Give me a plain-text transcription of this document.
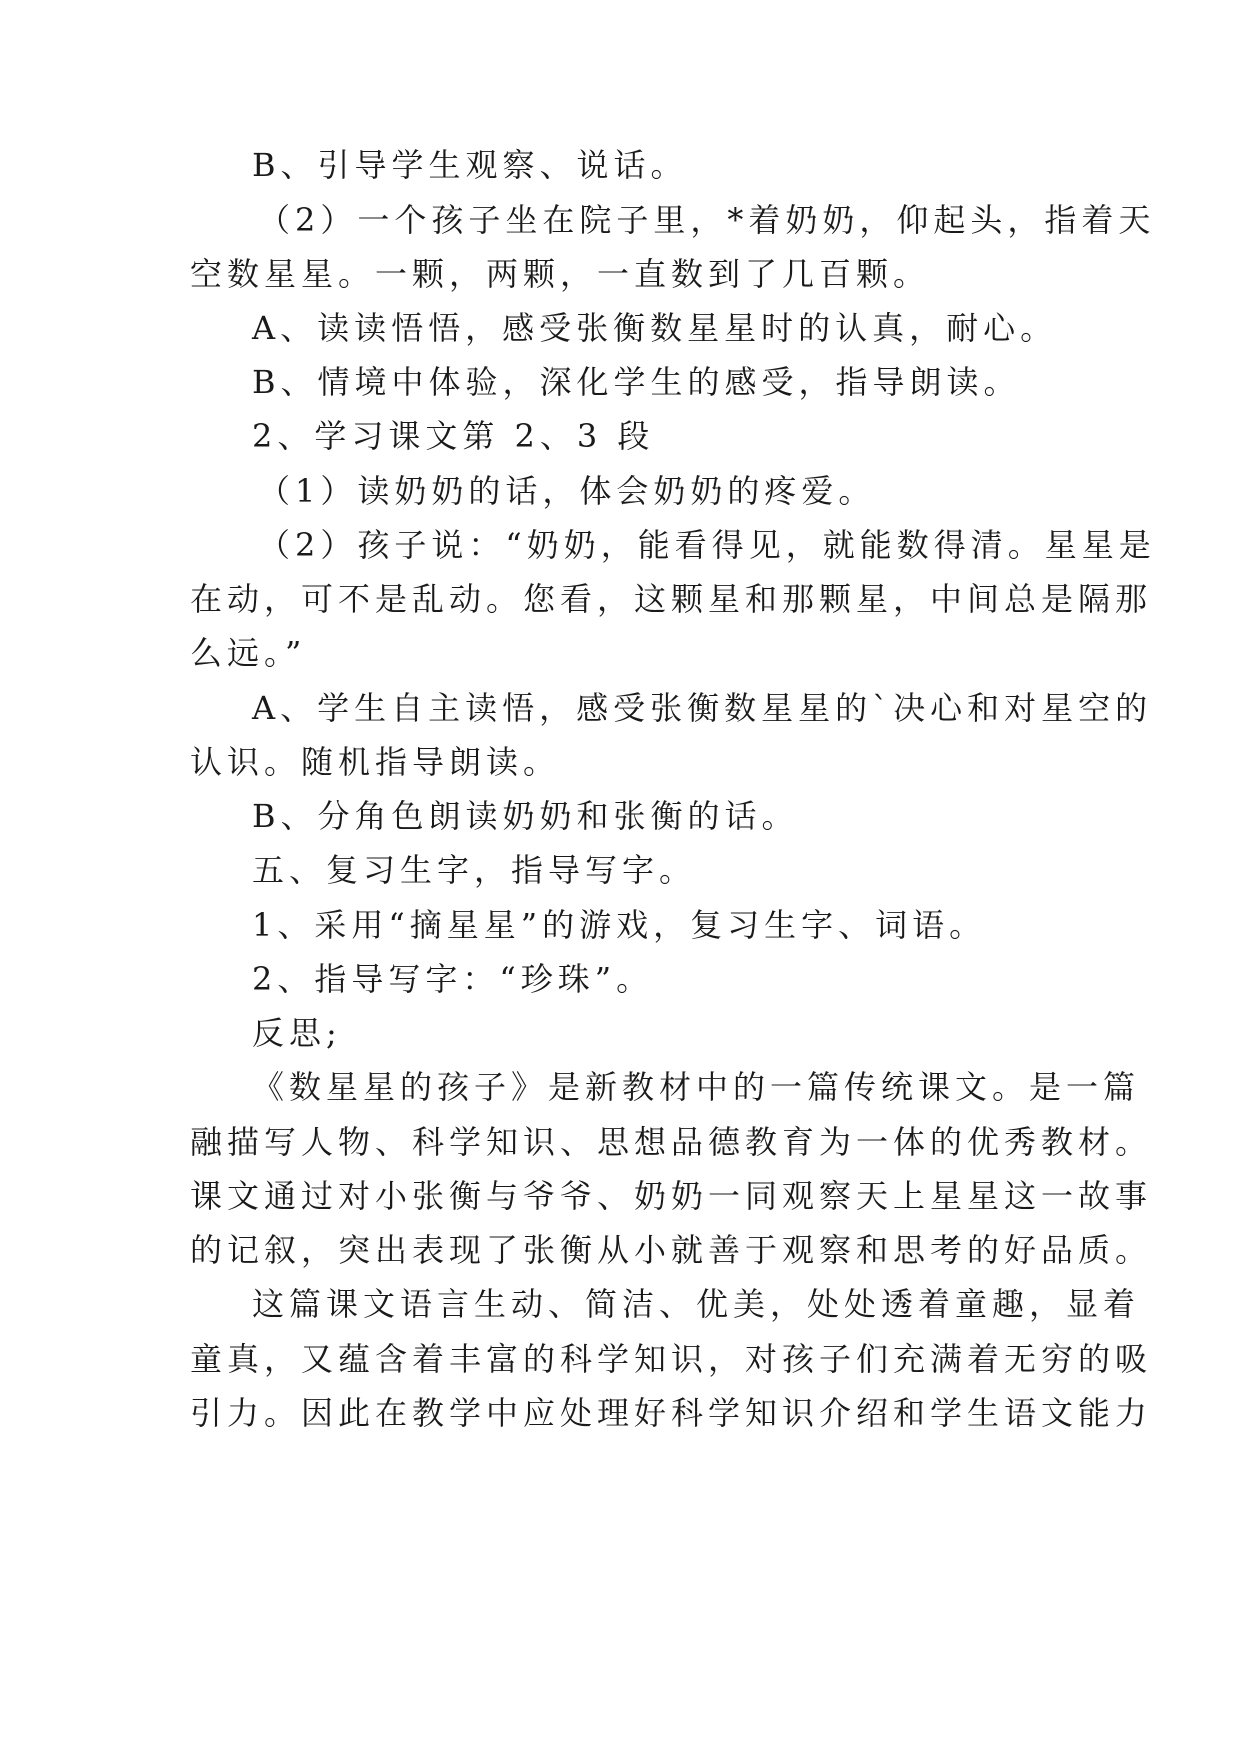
B、引导学生观察、说话。

（2）一个孩子坐在院子里，*着奶奶，仰起头，指着天

空数星星。一颗，两颗，一直数到了几百颗。

A、读读悟悟，感受张衡数星星时的认真，耐心。

B、情境中体验，深化学生的感受，指导朗读。

2、学习课文第 2、3 段

（1）读奶奶的话，体会奶奶的疼爱。

（2）孩子说：“奶奶，能看得见，就能数得清。星星是

在动，可不是乱动。您看，这颗星和那颗星，中间总是隔那

么远。”

A、学生自主读悟，感受张衡数星星的`决心和对星空的

认识。随机指导朗读。

B、分角色朗读奶奶和张衡的话。

五、复习生字，指导写字。

1、采用“摘星星”的游戏，复习生字、词语。

2、指导写字：“珍珠”。

反思;

《数星星的孩子》是新教材中的一篇传统课文。是一篇

融描写人物、科学知识、思想品德教育为一体的优秀教材。

课文通过对小张衡与爷爷、奶奶一同观察天上星星这一故事

的记叙，突出表现了张衡从小就善于观察和思考的好品质。

这篇课文语言生动、简洁、优美，处处透着童趣，显着

童真，又蕴含着丰富的科学知识，对孩子们充满着无穷的吸

引力。因此在教学中应处理好科学知识介绍和学生语文能力
